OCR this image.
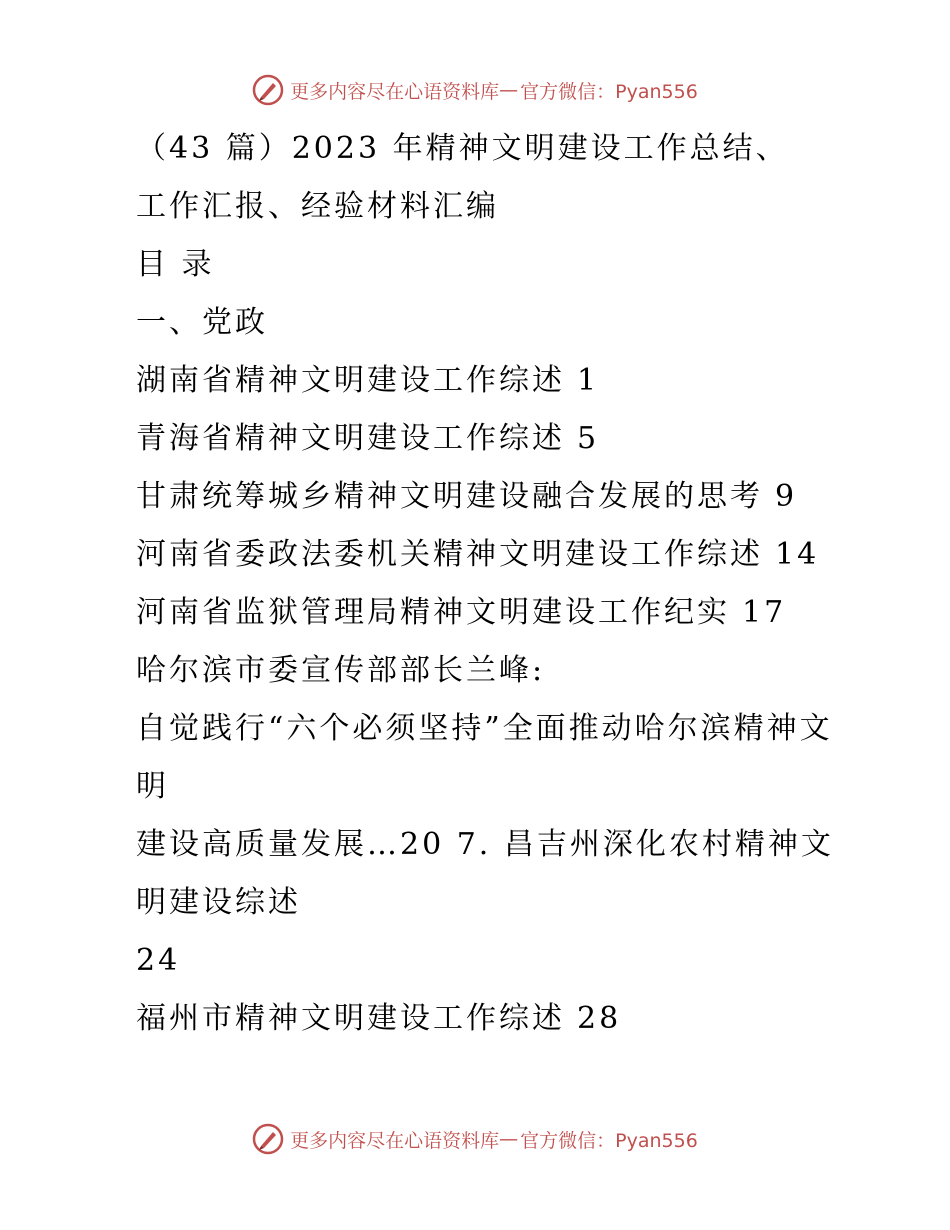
更多内容尽在心语资料库 — 官方微信：Pyan556
（43 篇）2023 年精神文明建设工作总结、
工作汇报、经验材料汇编
目 录
一、党政
湖南省精神文明建设工作综述 1
青海省精神文明建设工作综述 5
甘肃统筹城乡精神文明建设融合发展的思考 9
河南省委政法委机关精神文明建设工作综述 14
河南省监狱管理局精神文明建设工作纪实 17
哈尔滨市委宣传部部长兰峰:
自觉践行“六个必须坚持”全面推动哈尔滨精神文明
建设高质量发展…20 7. 昌吉州深化农村精神文明建设综述
24
福州市精神文明建设工作综述 28
更多内容尽在心语资料库 — 官方微信：Pyan556
